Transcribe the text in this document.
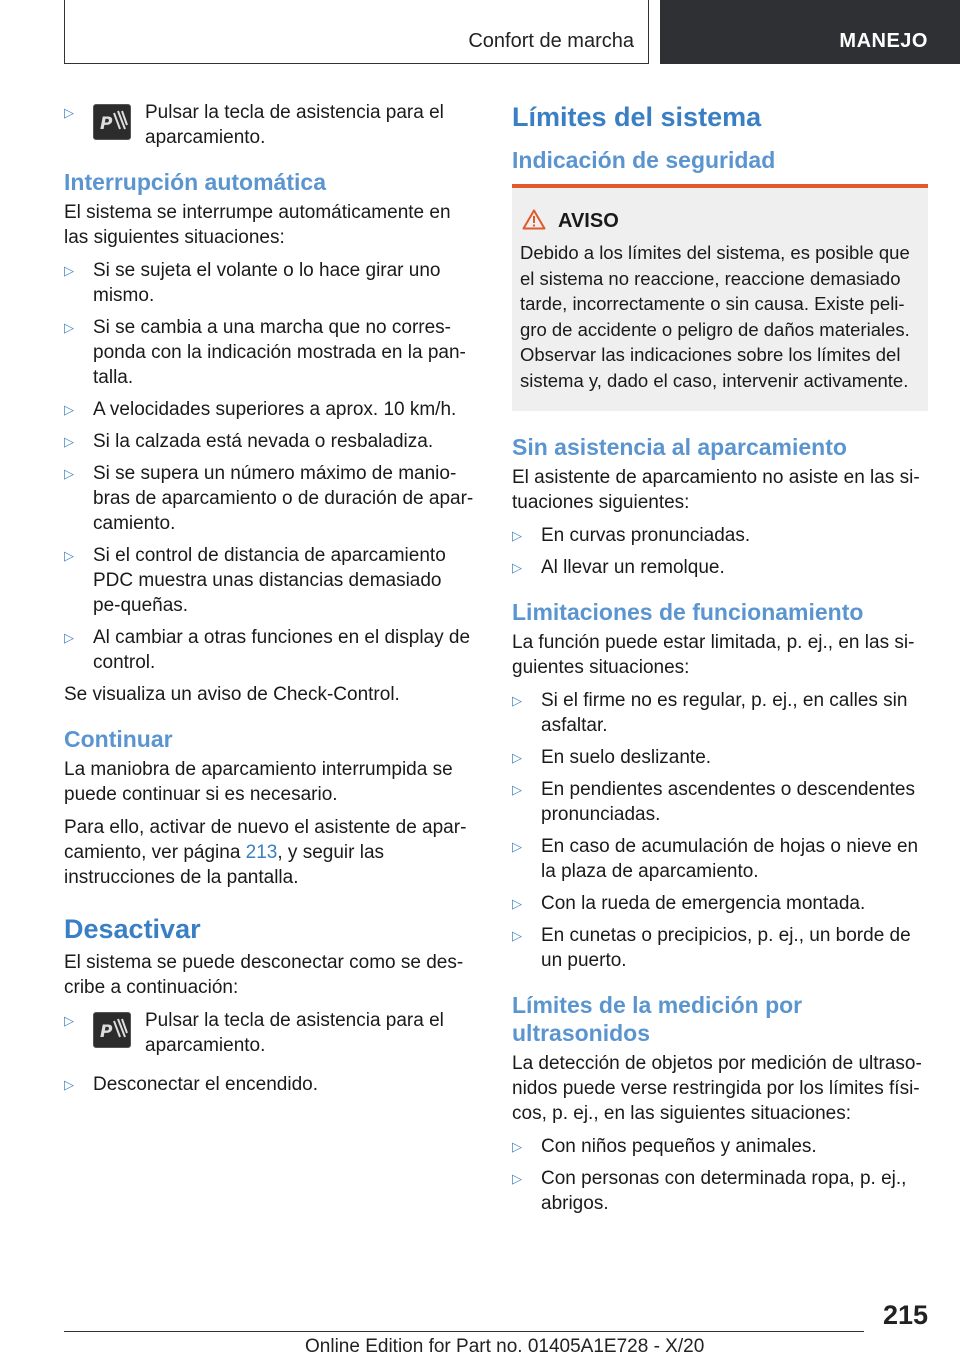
Confort de marcha	MANEJO
▷
P
Pulsar la tecla de asistencia para el aparcamiento.
Interrupción automática

El sistema se interrumpe automáticamente en las siguientes situaciones:

▷ Si se sujeta el volante o lo hace girar uno mismo.
▷ Si se cambia a una marcha que no corres‐ponda con la indicación mostrada en la pan‐talla.
▷ A velocidades superiores a aprox. 10 km/h.
▷ Si la calzada está nevada o resbaladiza.
▷ Si se supera un número máximo de manio‐bras de aparcamiento o de duración de apar‐camiento.
▷ Si el control de distancia de aparcamiento PDC muestra unas distancias demasiado pe‐queñas.
▷ Al cambiar a otras funciones en el display de control.

Se visualiza un aviso de Check-Control.

Continuar

La maniobra de aparcamiento interrumpida se puede continuar si es necesario.

Para ello, activar de nuevo el asistente de apar‐camiento, ver página 213, y seguir las instrucciones de la pantalla.

Desactivar

El sistema se puede desconectar como se des‐cribe a continuación:

▷
P
Pulsar la tecla de asistencia para el aparcamiento.
▷ Desconectar el encendido.
Límites del sistema
Indicación de seguridad
AVISO

Debido a los límites del sistema, es posible que el sistema no reaccione, reaccione demasiado tarde, incorrectamente o sin causa. Existe peli‐gro de accidente o peligro de daños materiales. Observar las indicaciones sobre los límites del sistema y, dado el caso, intervenir activamente.

Sin asistencia al aparcamiento

El asistente de aparcamiento no asiste en las si‐tuaciones siguientes:

▷ En curvas pronunciadas.
▷ Al llevar un remolque.
Limitaciones de funcionamiento

La función puede estar limitada, p. ej., en las si‐guientes situaciones:

▷ Si el firme no es regular, p. ej., en calles sin asfaltar.
▷ En suelo deslizante.
▷ En pendientes ascendentes o descendentes pronunciadas.
▷ En caso de acumulación de hojas o nieve en la plaza de aparcamiento.
▷ Con la rueda de emergencia montada.
▷ En cunetas o precipicios, p. ej., un borde de un puerto.
Límites de la medición por ultrasonidos

La detección de objetos por medición de ultraso‐nidos puede verse restringida por los límites físi‐cos, p. ej., en las siguientes situaciones:

▷ Con niños pequeños y animales.
▷ Con personas con determinada ropa, p. ej., abrigos.
215
Online Edition for Part no. 01405A1E728 - X/20
